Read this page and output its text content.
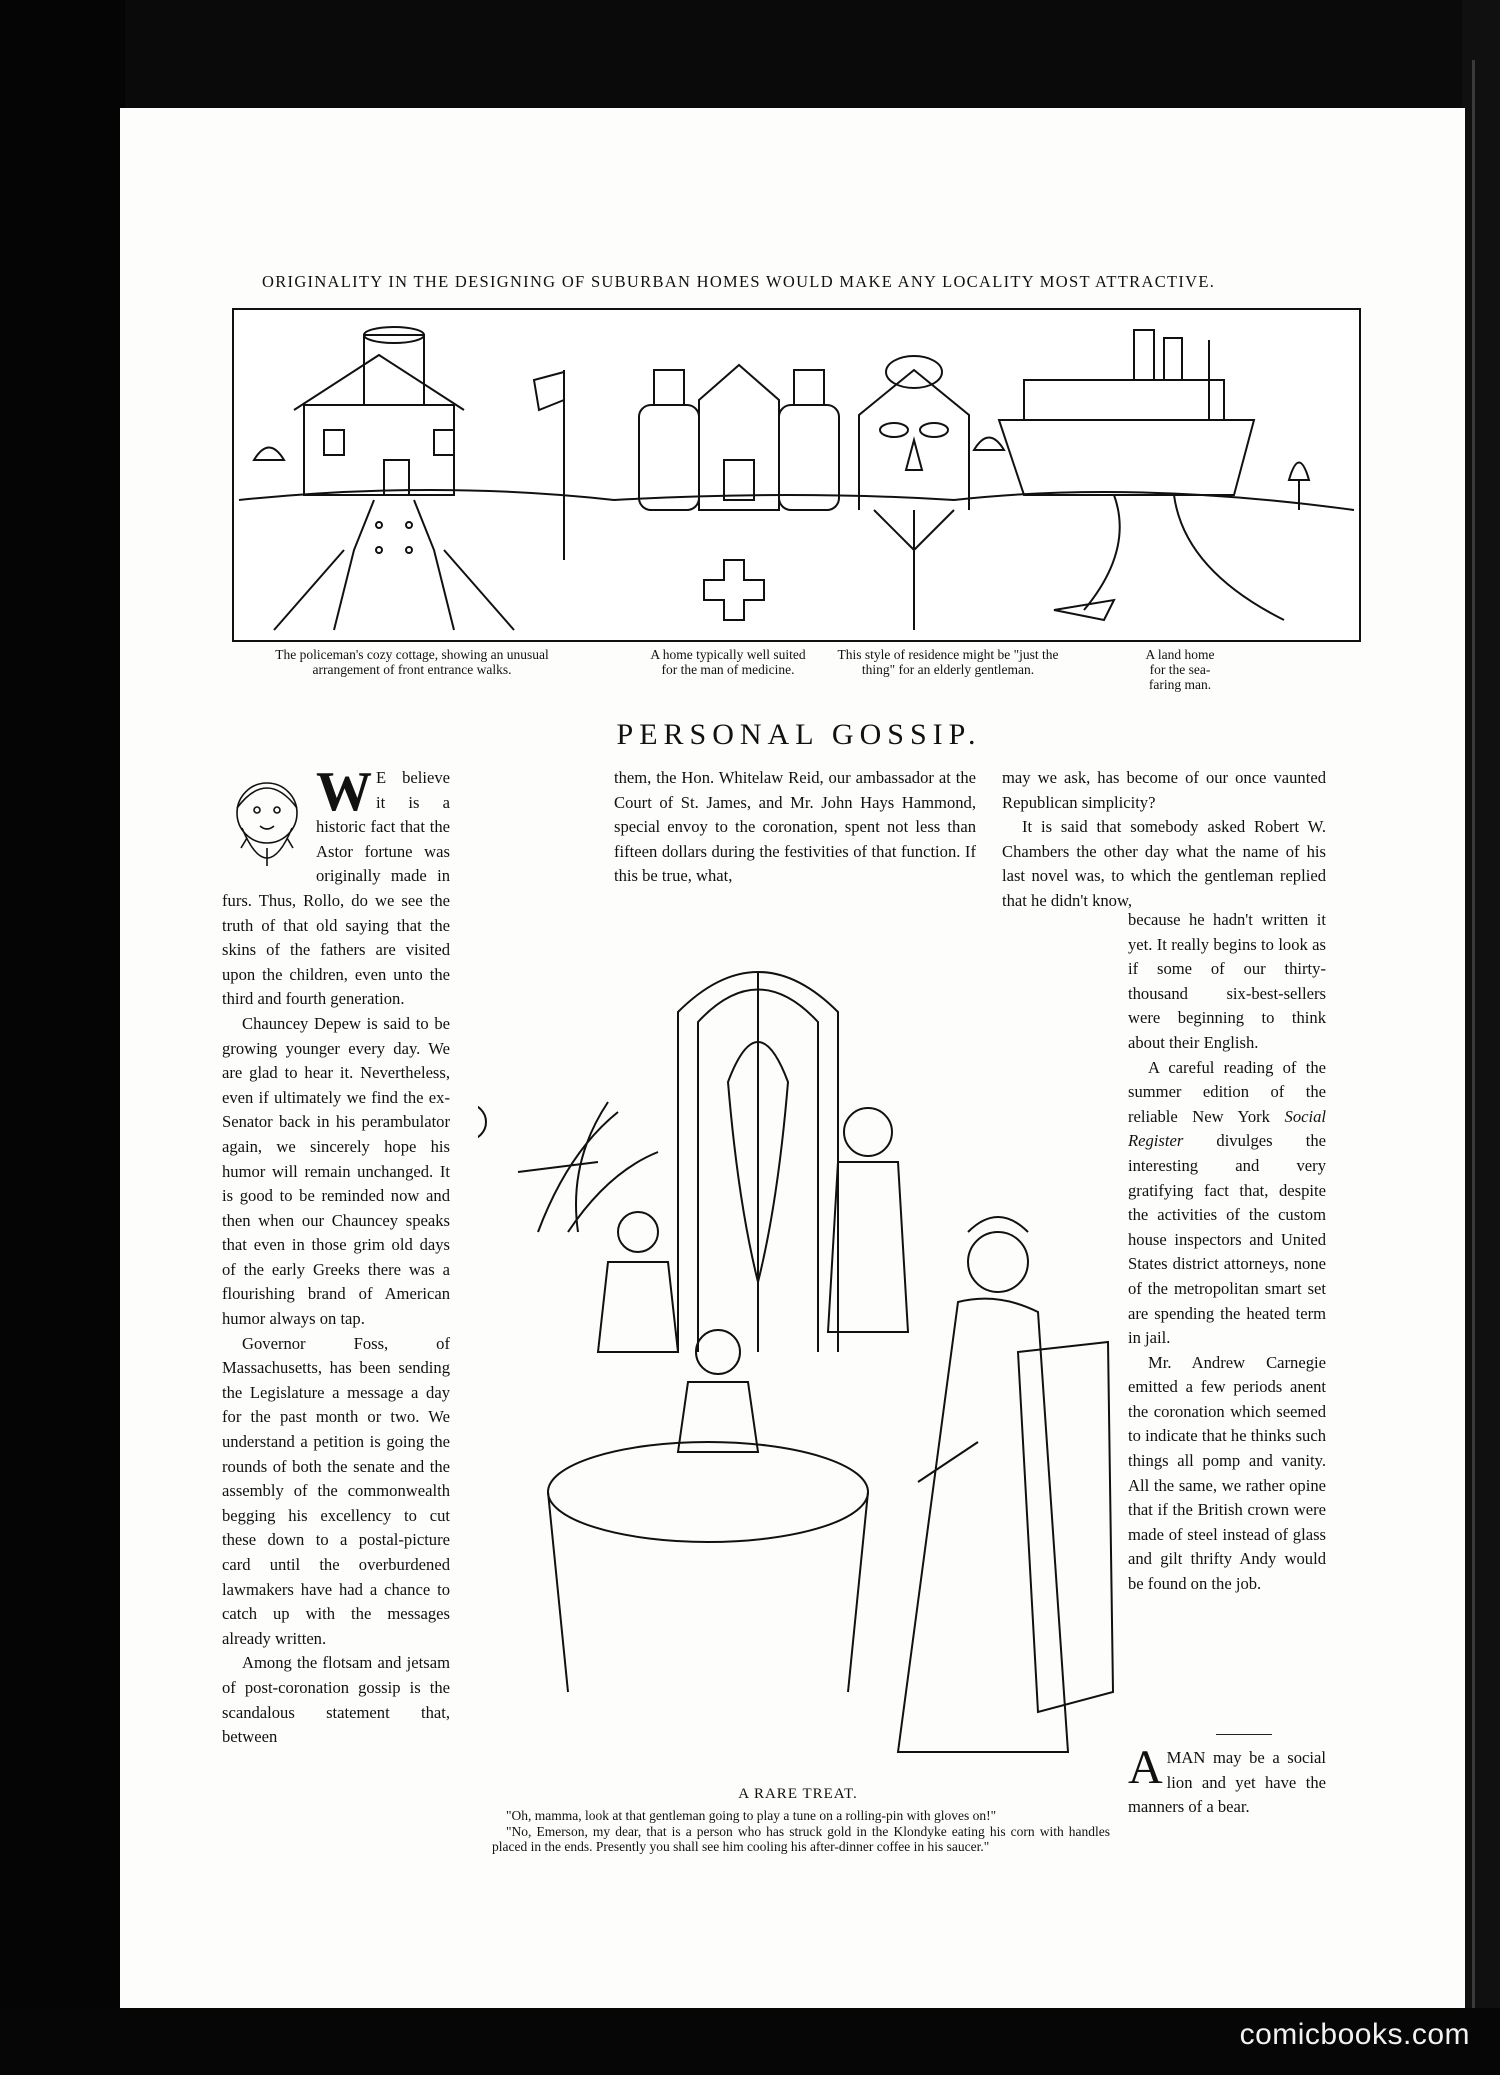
ORIGINALITY IN THE DESIGNING OF SUBURBAN HOMES WOULD MAKE ANY LOCALITY MOST ATTRACTIVE.
The policeman's cozy cottage, showing an unusual arrangement of front entrance walks.
A home typically well suited for the man of medicine.
This style of residence might be "just the thing" for an elderly gentleman.
A land home for the sea-faring man.
PERSONAL GOSSIP.

W E believe it is a historic fact that the Astor fortune was originally made in furs. Thus, Rollo, do we see the truth of that old saying that the skins of the fathers are visited upon the children, even unto the third and fourth generation.

Chauncey Depew is said to be growing younger every day. We are glad to hear it. Nevertheless, even if ultimately we find the ex-Senator back in his perambulator again, we sincerely hope his humor will remain unchanged. It is good to be reminded now and then when our Chauncey speaks that even in those grim old days of the early Greeks there was a flourishing brand of American humor always on tap.

Governor Foss, of Massachusetts, has been sending the Legislature a message a day for the past month or two. We understand a petition is going the rounds of both the senate and the assembly of the commonwealth begging his excellency to cut these down to a postal-picture card until the overburdened lawmakers have had a chance to catch up with the messages already written.

Among the flotsam and jetsam of post-coronation gossip is the scandalous statement that, between

them, the Hon. Whitelaw Reid, our ambassador at the Court of St. James, and Mr. John Hays Hammond, special envoy to the coronation, spent not less than fifteen dollars during the festivities of that function. If this be true, what,

may we ask, has become of our once vaunted Republican simplicity?

It is said that somebody asked Robert W. Chambers the other day what the name of his last novel was, to which the gentleman replied that he didn't know,

because he hadn't written it yet. It really begins to look as if some of our thirty-thousand six-best-sellers were beginning to think about their English.

A careful reading of the summer edition of the reliable New York Social Register divulges the interesting and very gratifying fact that, despite the activities of the custom house inspectors and United States district attorneys, none of the metropolitan smart set are spending the heated term in jail.

Mr. Andrew Carnegie emitted a few periods anent the coronation which seemed to indicate that he thinks such things all pomp and vanity. All the same, we rather opine that if the British crown were made of steel instead of glass and gilt thrifty Andy would be found on the job.

AMAN may be a social lion and yet have the manners of a bear.

A RARE TREAT.

"Oh, mamma, look at that gentleman going to play a tune on a rolling-pin with gloves on!"

"No, Emerson, my dear, that is a person who has struck gold in the Klondyke eating his corn with handles placed in the ends. Presently you shall see him cooling his after-dinner coffee in his saucer."

comicbooks.com
